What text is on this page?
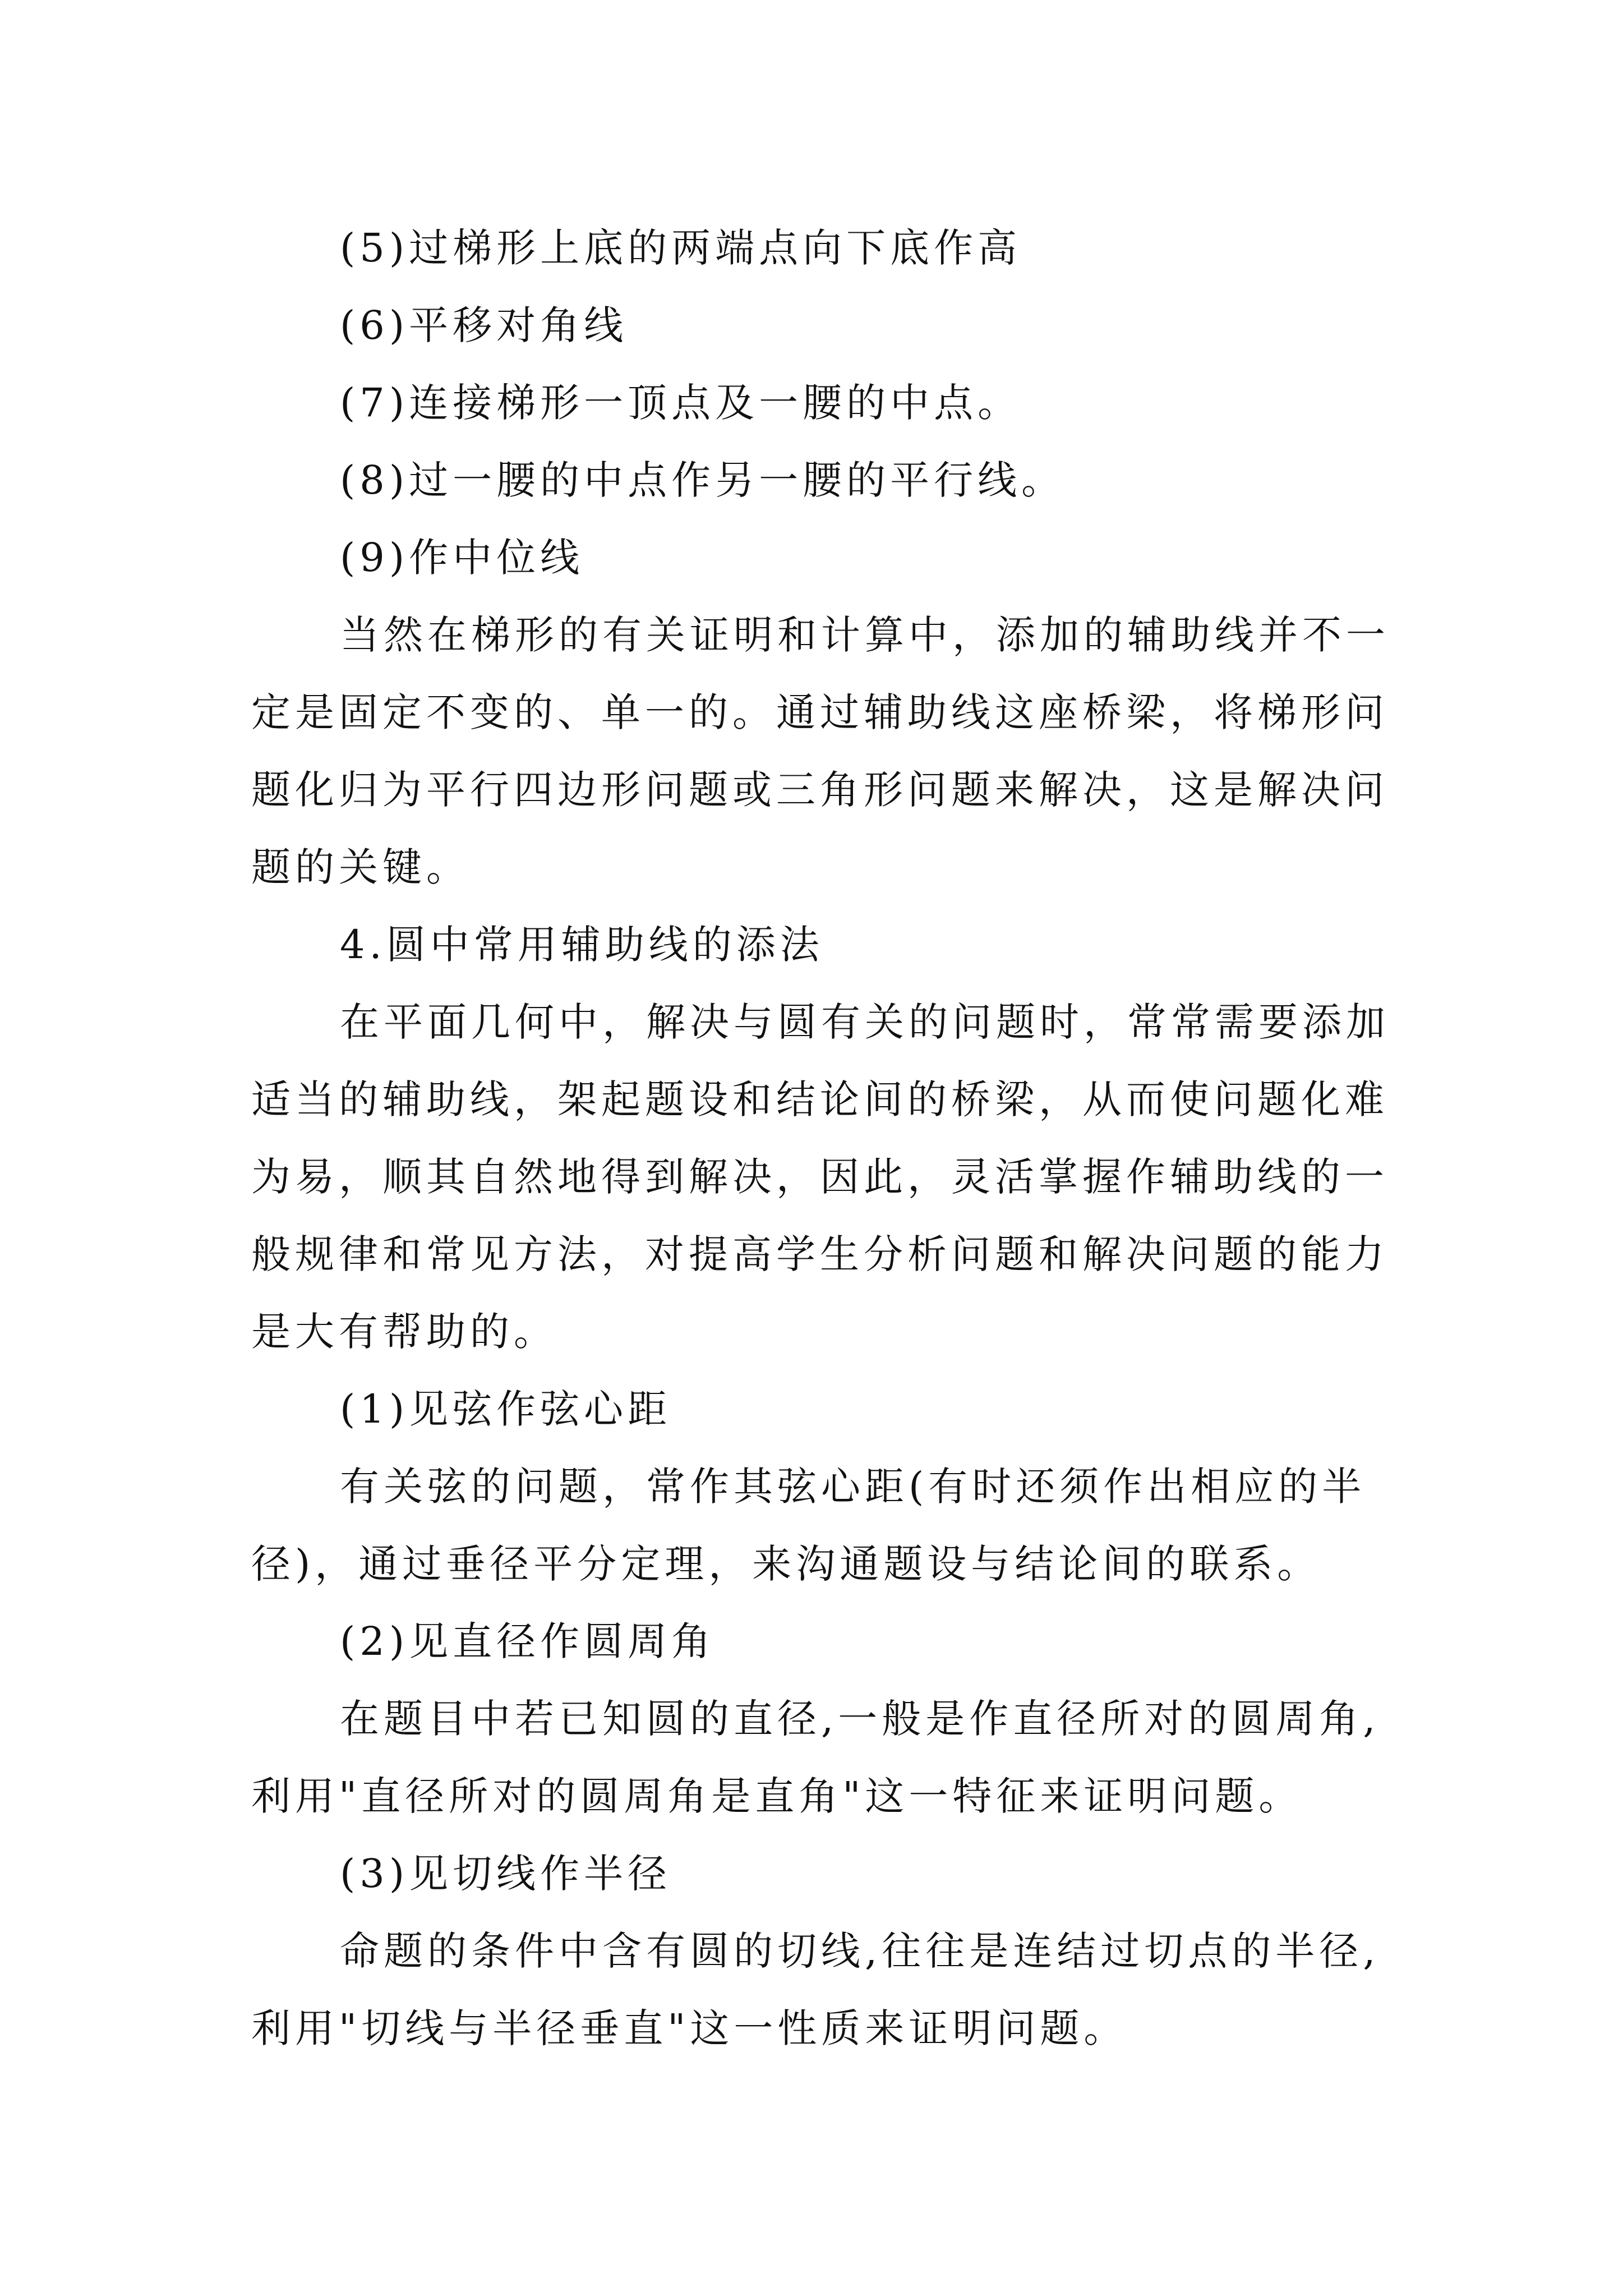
(5)过梯形上底的两端点向下底作高
(6)平移对角线
(7)连接梯形一顶点及一腰的中点。
(8)过一腰的中点作另一腰的平行线。
(9)作中位线
当然在梯形的有关证明和计算中，添加的辅助线并不一
定是固定不变的、单一的。通过辅助线这座桥梁，将梯形问
题化归为平行四边形问题或三角形问题来解决，这是解决问
题的关键。
4.圆中常用辅助线的添法
在平面几何中，解决与圆有关的问题时，常常需要添加
适当的辅助线，架起题设和结论间的桥梁，从而使问题化难
为易，顺其自然地得到解决，因此，灵活掌握作辅助线的一
般规律和常见方法，对提高学生分析问题和解决问题的能力
是大有帮助的。
(1)见弦作弦心距
有关弦的问题，常作其弦心距(有时还须作出相应的半
径)，通过垂径平分定理，来沟通题设与结论间的联系。
(2)见直径作圆周角
在题目中若已知圆的直径,一般是作直径所对的圆周角,
利用"直径所对的圆周角是直角"这一特征来证明问题。
(3)见切线作半径
命题的条件中含有圆的切线,往往是连结过切点的半径,
利用"切线与半径垂直"这一性质来证明问题。
